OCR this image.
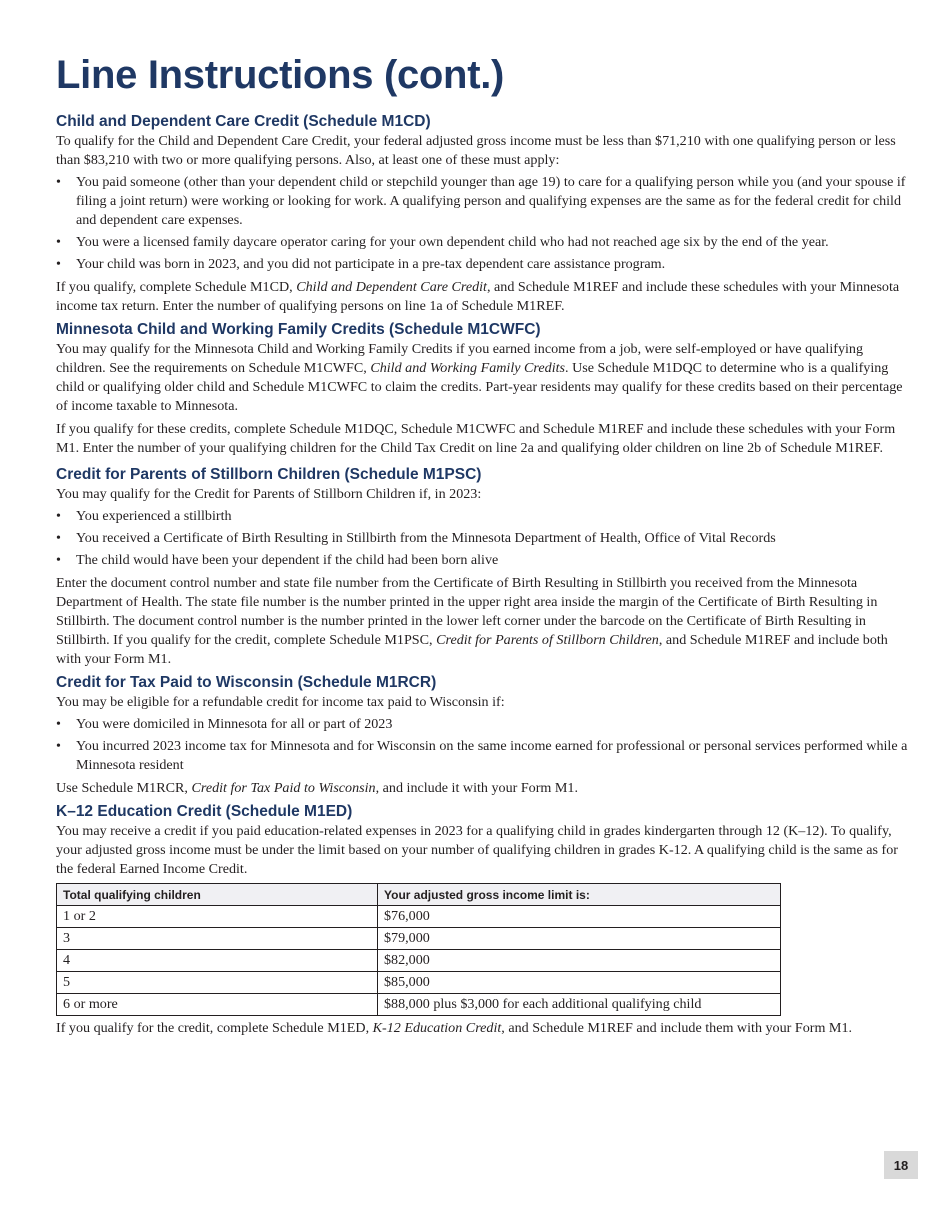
Line Instructions (cont.)
Child and Dependent Care Credit (Schedule M1CD)

To qualify for the Child and Dependent Care Credit, your federal adjusted gross income must be less than $71,210 with one qualifying person or less than $83,210 with two or more qualifying persons. Also, at least one of these must apply:

• You paid someone (other than your dependent child or stepchild younger than age 19) to care for a qualifying person while you (and your spouse if filing a joint return) were working or looking for work. A qualifying person and qualifying expenses are the same as for the federal credit for child and dependent care expenses.
• You were a licensed family daycare operator caring for your own dependent child who had not reached age six by the end of the year.
• Your child was born in 2023, and you did not participate in a pre-tax dependent care assistance program.

If you qualify, complete Schedule M1CD, Child and Dependent Care Credit, and Schedule M1REF and include these schedules with your Minnesota income tax return. Enter the number of qualifying persons on line 1a of Schedule M1REF.

Minnesota Child and Working Family Credits (Schedule M1CWFC)

You may qualify for the Minnesota Child and Working Family Credits if you earned income from a job, were self-employed or have qualifying children. See the requirements on Schedule M1CWFC, Child and Working Family Credits. Use Schedule M1DQC to determine who is a qualifying child or qualifying older child and Schedule M1CWFC to claim the credits. Part-year residents may qualify for these credits based on their percentage of income taxable to Minnesota.

If you qualify for these credits, complete Schedule M1DQC, Schedule M1CWFC and Schedule M1REF and include these schedules with your Form M1. Enter the number of your qualifying children for the Child Tax Credit on line 2a and qualifying older children on line 2b of Schedule M1REF.

Credit for Parents of Stillborn Children (Schedule M1PSC)

You may qualify for the Credit for Parents of Stillborn Children if, in 2023:

• You experienced a stillbirth
• You received a Certificate of Birth Resulting in Stillbirth from the Minnesota Department of Health, Office of Vital Records
• The child would have been your dependent if the child had been born alive

Enter the document control number and state file number from the Certificate of Birth Resulting in Stillbirth you received from the Minnesota Department of Health. The state file number is the number printed in the upper right area inside the margin of the Certificate of Birth Resulting in Stillbirth. The document control number is the number printed in the lower left corner under the barcode on the Certificate of Birth Resulting in Stillbirth. If you qualify for the credit, complete Schedule M1PSC, Credit for Parents of Stillborn Children, and Schedule M1REF and include both with your Form M1.

Credit for Tax Paid to Wisconsin (Schedule M1RCR)

You may be eligible for a refundable credit for income tax paid to Wisconsin if:

• You were domiciled in Minnesota for all or part of 2023
• You incurred 2023 income tax for Minnesota and for Wisconsin on the same income earned for professional or personal services performed while a Minnesota resident

Use Schedule M1RCR, Credit for Tax Paid to Wisconsin, and include it with your Form M1.

K–12 Education Credit (Schedule M1ED)

You may receive a credit if you paid education-related expenses in 2023 for a qualifying child in grades kindergarten through 12 (K–12). To qualify, your adjusted gross income must be under the limit based on your number of qualifying children in grades K-12. A qualifying child is the same as for the federal Earned Income Credit.

Total qualifying children	Your adjusted gross income limit is:
1 or 2	$76,000
3	$79,000
4	$82,000
5	$85,000
6 or more	$88,000 plus $3,000 for each additional qualifying child

If you qualify for the credit, complete Schedule M1ED, K-12 Education Credit, and Schedule M1REF and include them with your Form M1.

18
